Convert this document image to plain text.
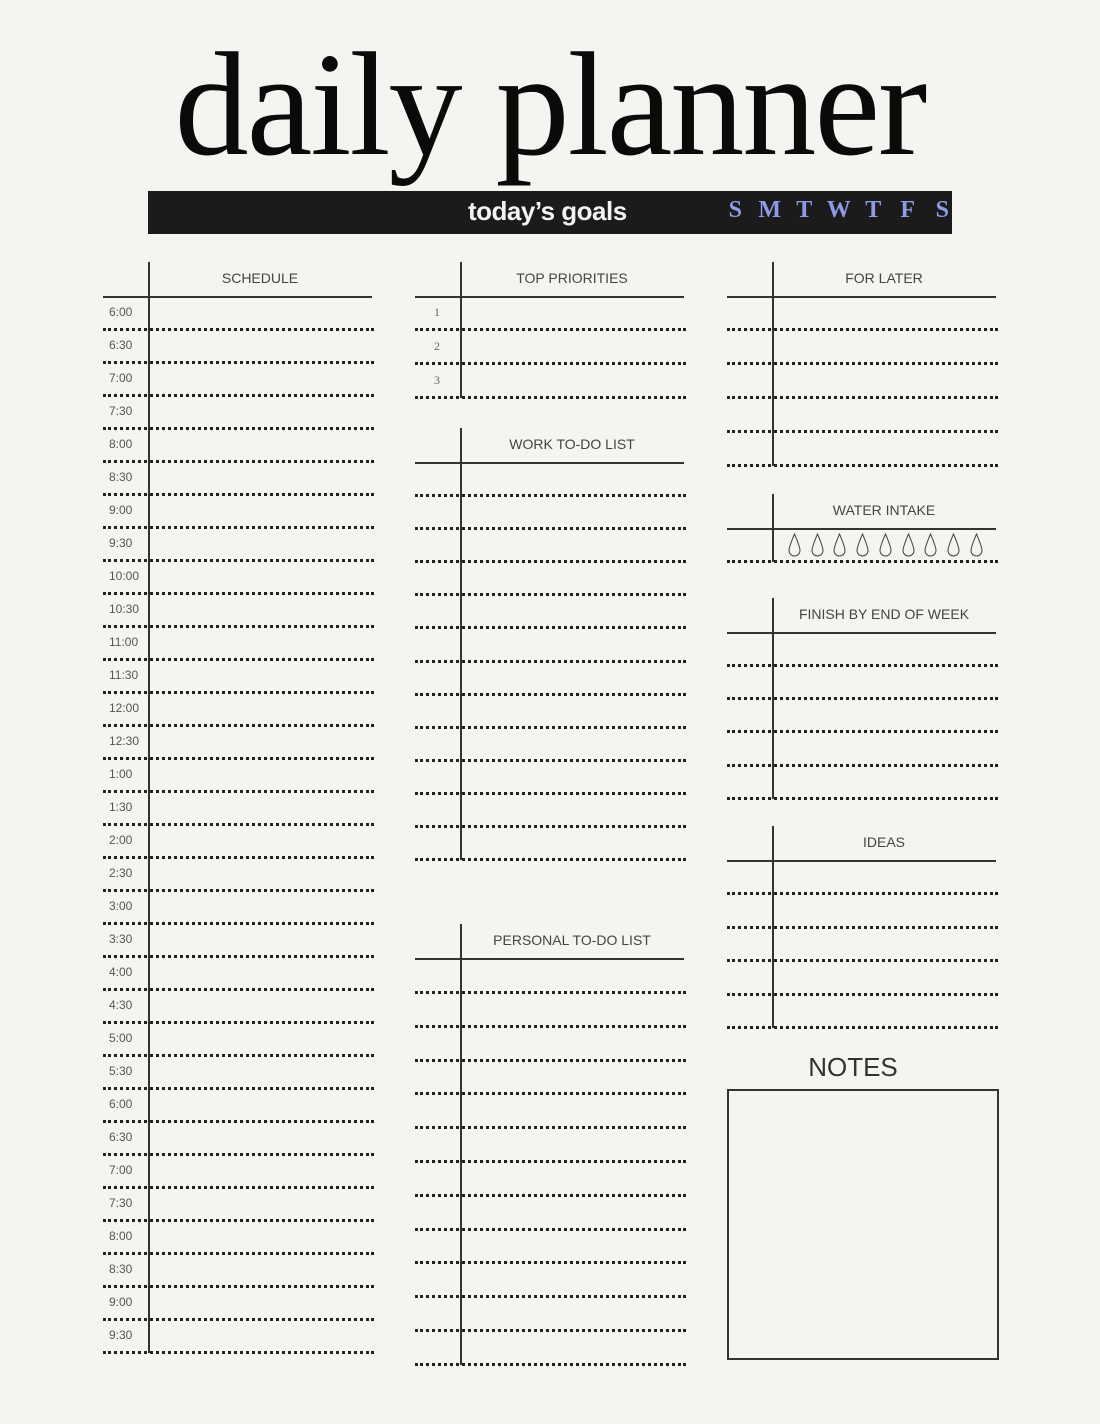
daily planner
today’s goals	S M T W T F S
SCHEDULE
6:00
6:30
7:00
7:30
8:00
8:30
9:00
9:30
10:00
10:30
11:00
11:30
12:00
12:30
1:00
1:30
2:00
2:30
3:00
3:30
4:00
4:30
5:00
5:30
6:00
6:30
7:00
7:30
8:00
8:30
9:00
9:30
TOP PRIORITIES
1
2
3
WORK TO-DO LIST
PERSONAL TO-DO LIST
FOR LATER
WATER INTAKE
FINISH BY END OF WEEK
IDEAS
NOTES
